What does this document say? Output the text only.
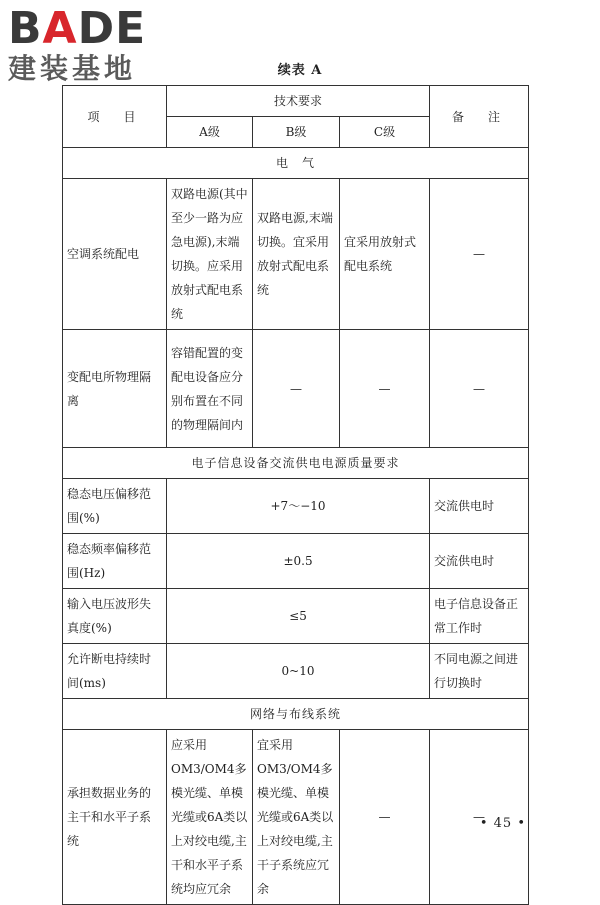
BADE
建装基地	续表 A
项　目	技术要求			备　注
	A级	B级	C级	
电　气				
空调系统配电	双路电源(其中至少一路为应急电源),末端切换。应采用放射式配电系统	双路电源,末端切换。宜采用放射式配电系统	宜采用放射式配电系统	—
变配电所物理隔离	容错配置的变配电设备应分别布置在不同的物理隔间内	—	—	—
电子信息设备交流供电电源质量要求				
稳态电压偏移范围(%)	+7～−10			交流供电时
稳态频率偏移范围(Hz)	±0.5			交流供电时
输入电压波形失真度(%)	≤5			电子信息设备正常工作时
允许断电持续时间(ms)	0~10			不同电源之间进行切换时
网络与布线系统				
承担数据业务的主干和水平子系统	应采用OM3/OM4多模光缆、单模光缆或6A类以上对绞电缆,主干和水平子系统均应冗余	宜采用OM3/OM4多模光缆、单模光缆或6A类以上对绞电缆,主干子系统应冗余	—	—
• 45 •
